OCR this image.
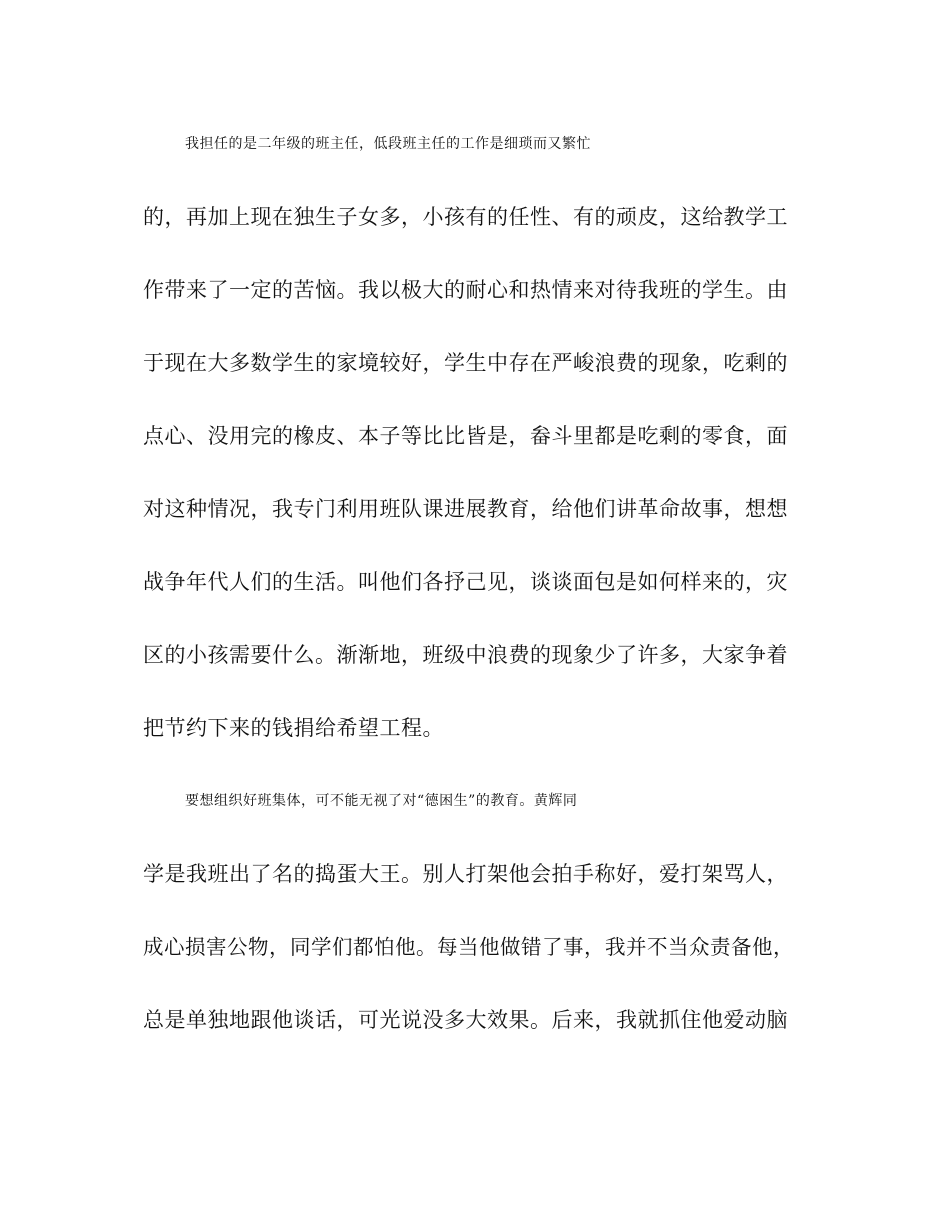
我担任的是二年级的班主任，低段班主任的工作是细琐而又繁忙
的，再加上现在独生子女多，小孩有的任性、有的顽皮，这给教学工
作带来了一定的苦恼。我以极大的耐心和热情来对待我班的学生。由
于现在大多数学生的家境较好，学生中存在严峻浪费的现象，吃剩的
点心、没用完的橡皮、本子等比比皆是，畚斗里都是吃剩的零食，面
对这种情况，我专门利用班队课进展教育，给他们讲革命故事，想想
战争年代人们的生活。叫他们各抒己见，谈谈面包是如何样来的，灾
区的小孩需要什么。渐渐地，班级中浪费的现象少了许多，大家争着
把节约下来的钱捐给希望工程。
要想组织好班集体，可不能无视了对“德困生”的教育。黄辉同
学是我班出了名的捣蛋大王。别人打架他会拍手称好，爱打架骂人，
成心损害公物，同学们都怕他。每当他做错了事，我并不当众责备他，
总是单独地跟他谈话，可光说没多大效果。后来，我就抓住他爱动脑
